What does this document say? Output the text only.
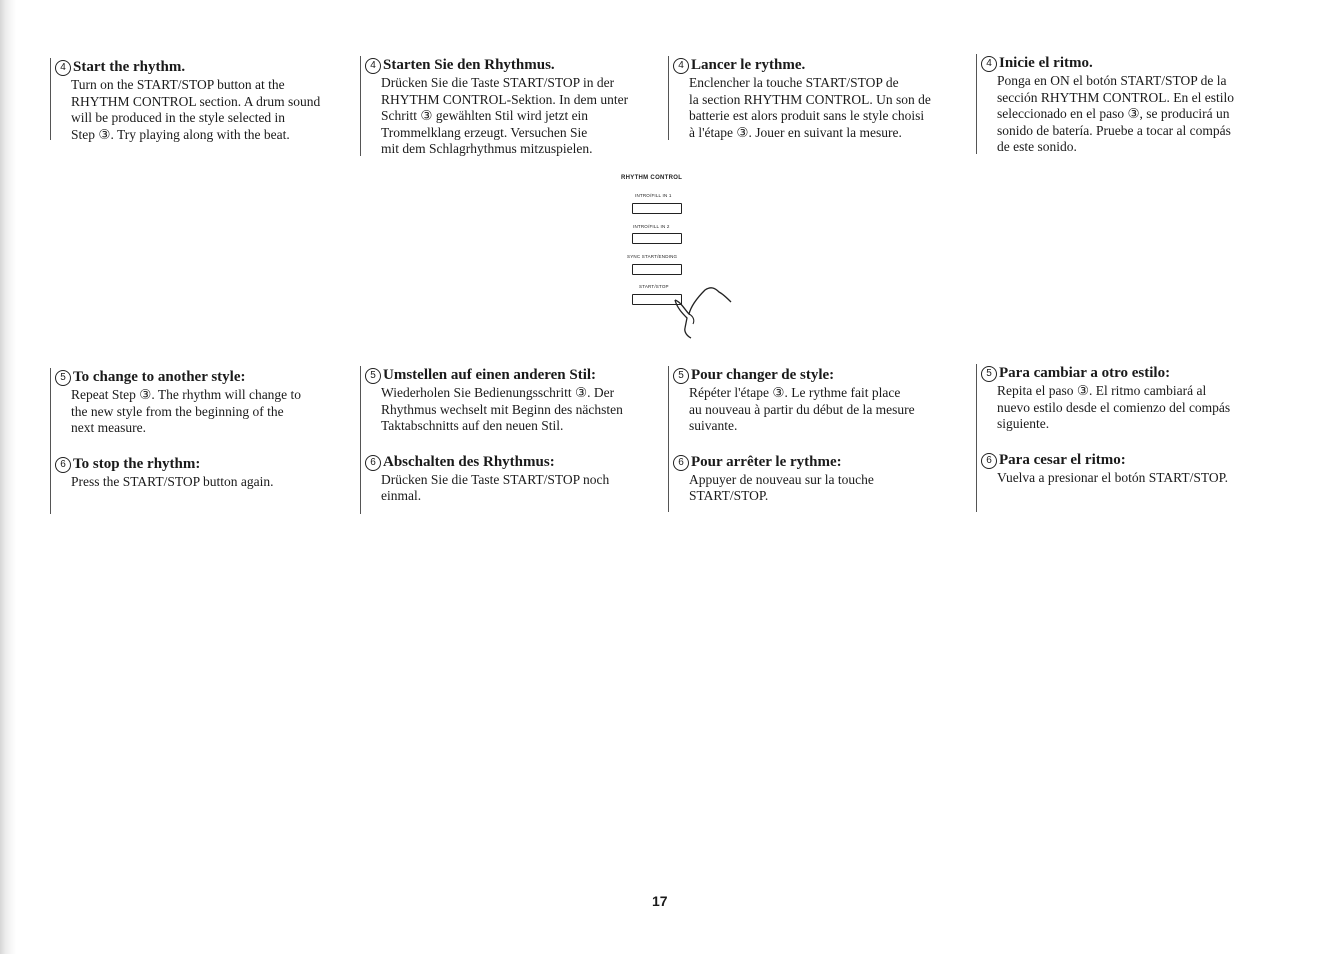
4 Start the rhythm.

Turn on the START/STOP button at the
RHYTHM CONTROL section. A drum sound
will be produced in the style selected in
Step ③. Try playing along with the beat.

5 To change to another style:

Repeat Step ③. The rhythm will change to
the new style from the beginning of the
next measure.

6 To stop the rhythm:

Press the START/STOP button again.

4 Starten Sie den Rhythmus.

Drücken Sie die Taste START/STOP in der
RHYTHM CONTROL-Sektion. In dem unter
Schritt ③ gewählten Stil wird jetzt ein
Trommelklang erzeugt. Versuchen Sie
mit dem Schlagrhythmus mitzuspielen.

5 Umstellen auf einen anderen Stil:

Wiederholen Sie Bedienungsschritt ③. Der
Rhythmus wechselt mit Beginn des nächsten
Taktabschnitts auf den neuen Stil.

6 Abschalten des Rhythmus:

Drücken Sie die Taste START/STOP noch
einmal.

4 Lancer le rythme.

Enclencher la touche START/STOP de
la section RHYTHM CONTROL. Un son de
batterie est alors produit sans le style choisi
à l'étape ③. Jouer en suivant la mesure.

5 Pour changer de style:

Répéter l'étape ③. Le rythme fait place
au nouveau à partir du début de la mesure
suivante.

6 Pour arrêter le rythme:

Appuyer de nouveau sur la touche
START/STOP.

4 Inicie el ritmo.

Ponga en ON el botón START/STOP de la
sección RHYTHM CONTROL. En el estilo
seleccionado en el paso ③, se producirá un
sonido de batería. Pruebe a tocar al compás
de este sonido.

5 Para cambiar a otro estilo:

Repita el paso ③. El ritmo cambiará al
nuevo estilo desde el comienzo del compás
siguiente.

6 Para cesar el ritmo:

Vuelva a presionar el botón START/STOP.

RHYTHM CONTROL
INTRO/FILL IN 1
INTRO/FILL IN 2
SYNC START/ENDING
START/STOP
17
